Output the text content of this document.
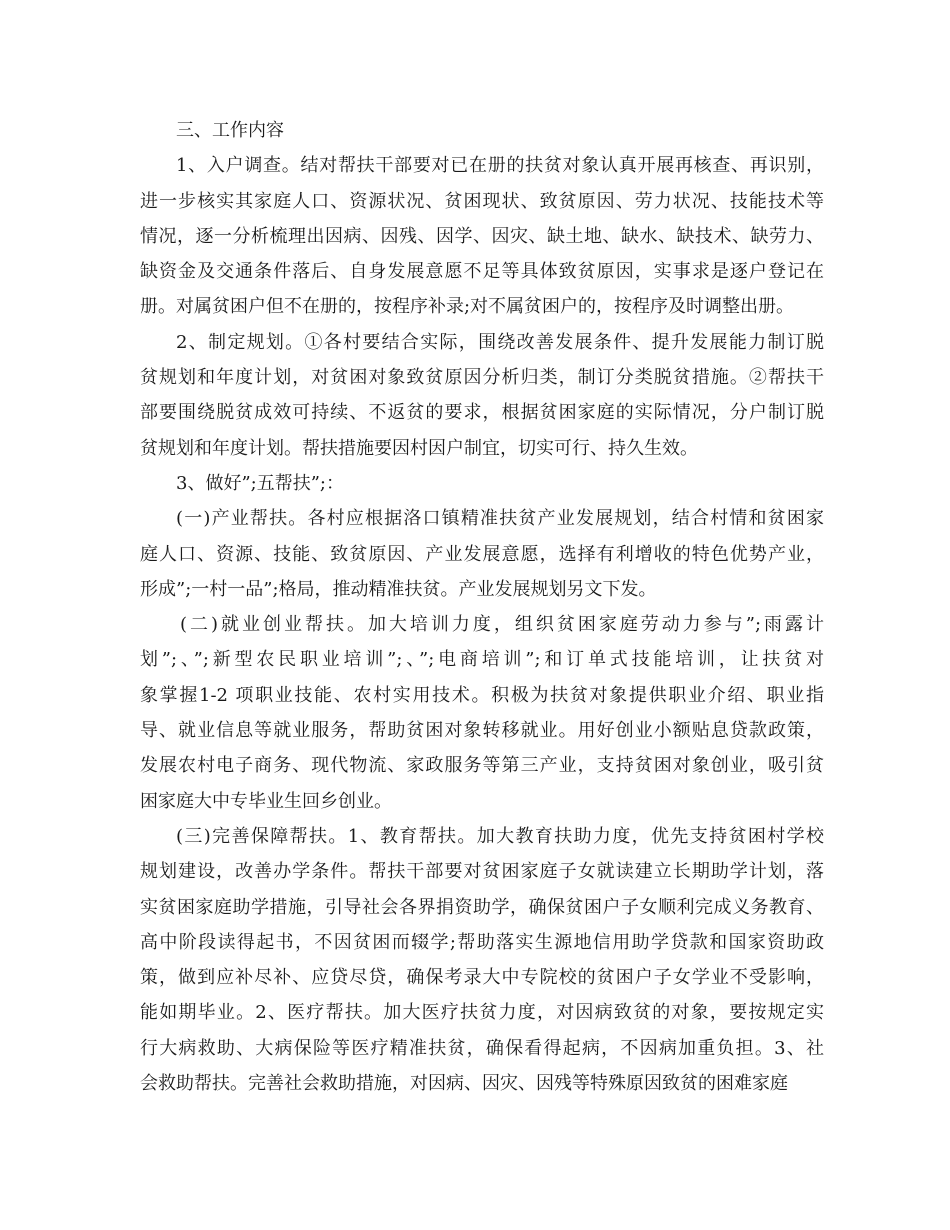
三、工作内容
1、入户调查。结对帮扶干部要对已在册的扶贫对象认真开展再核查、再识别，
进一步核实其家庭人口、资源状况、贫困现状、致贫原因、劳力状况、技能技术等
情况，逐一分析梳理出因病、因残、因学、因灾、缺土地、缺水、缺技术、缺劳力、
缺资金及交通条件落后、自身发展意愿不足等具体致贫原因，实事求是逐户登记在
册。对属贫困户但不在册的，按程序补录;对不属贫困户的，按程序及时调整出册。
2、制定规划。①各村要结合实际，围绕改善发展条件、提升发展能力制订脱
贫规划和年度计划，对贫困对象致贫原因分析归类，制订分类脱贫措施。②帮扶干
部要围绕脱贫成效可持续、不返贫的要求，根据贫困家庭的实际情况，分户制订脱
贫规划和年度计划。帮扶措施要因村因户制宜，切实可行、持久生效。
3、做好”;五帮扶”;：
(一)产业帮扶。各村应根据洛口镇精准扶贫产业发展规划，结合村情和贫困家
庭人口、资源、技能、致贫原因、产业发展意愿，选择有利增收的特色优势产业，
形成”;一村一品”;格局，推动精准扶贫。产业发展规划另文下发。
(二)就业创业帮扶。加大培训力度，组织贫困家庭劳动力参与”;雨露计
划”;、”;新型农民职业培训”;、”;电商培训”;和订单式技能培训，让扶贫对
象掌握1-2 项职业技能、农村实用技术。积极为扶贫对象提供职业介绍、职业指
导、就业信息等就业服务，帮助贫困对象转移就业。用好创业小额贴息贷款政策，
发展农村电子商务、现代物流、家政服务等第三产业，支持贫困对象创业，吸引贫
困家庭大中专毕业生回乡创业。
(三)完善保障帮扶。1、教育帮扶。加大教育扶助力度，优先支持贫困村学校
规划建设，改善办学条件。帮扶干部要对贫困家庭子女就读建立长期助学计划，落
实贫困家庭助学措施，引导社会各界捐资助学，确保贫困户子女顺利完成义务教育、
高中阶段读得起书，不因贫困而辍学;帮助落实生源地信用助学贷款和国家资助政
策，做到应补尽补、应贷尽贷，确保考录大中专院校的贫困户子女学业不受影响，
能如期毕业。2、医疗帮扶。加大医疗扶贫力度，对因病致贫的对象，要按规定实
行大病救助、大病保险等医疗精准扶贫，确保看得起病，不因病加重负担。3、社
会救助帮扶。完善社会救助措施，对因病、因灾、因残等特殊原因致贫的困难家庭
